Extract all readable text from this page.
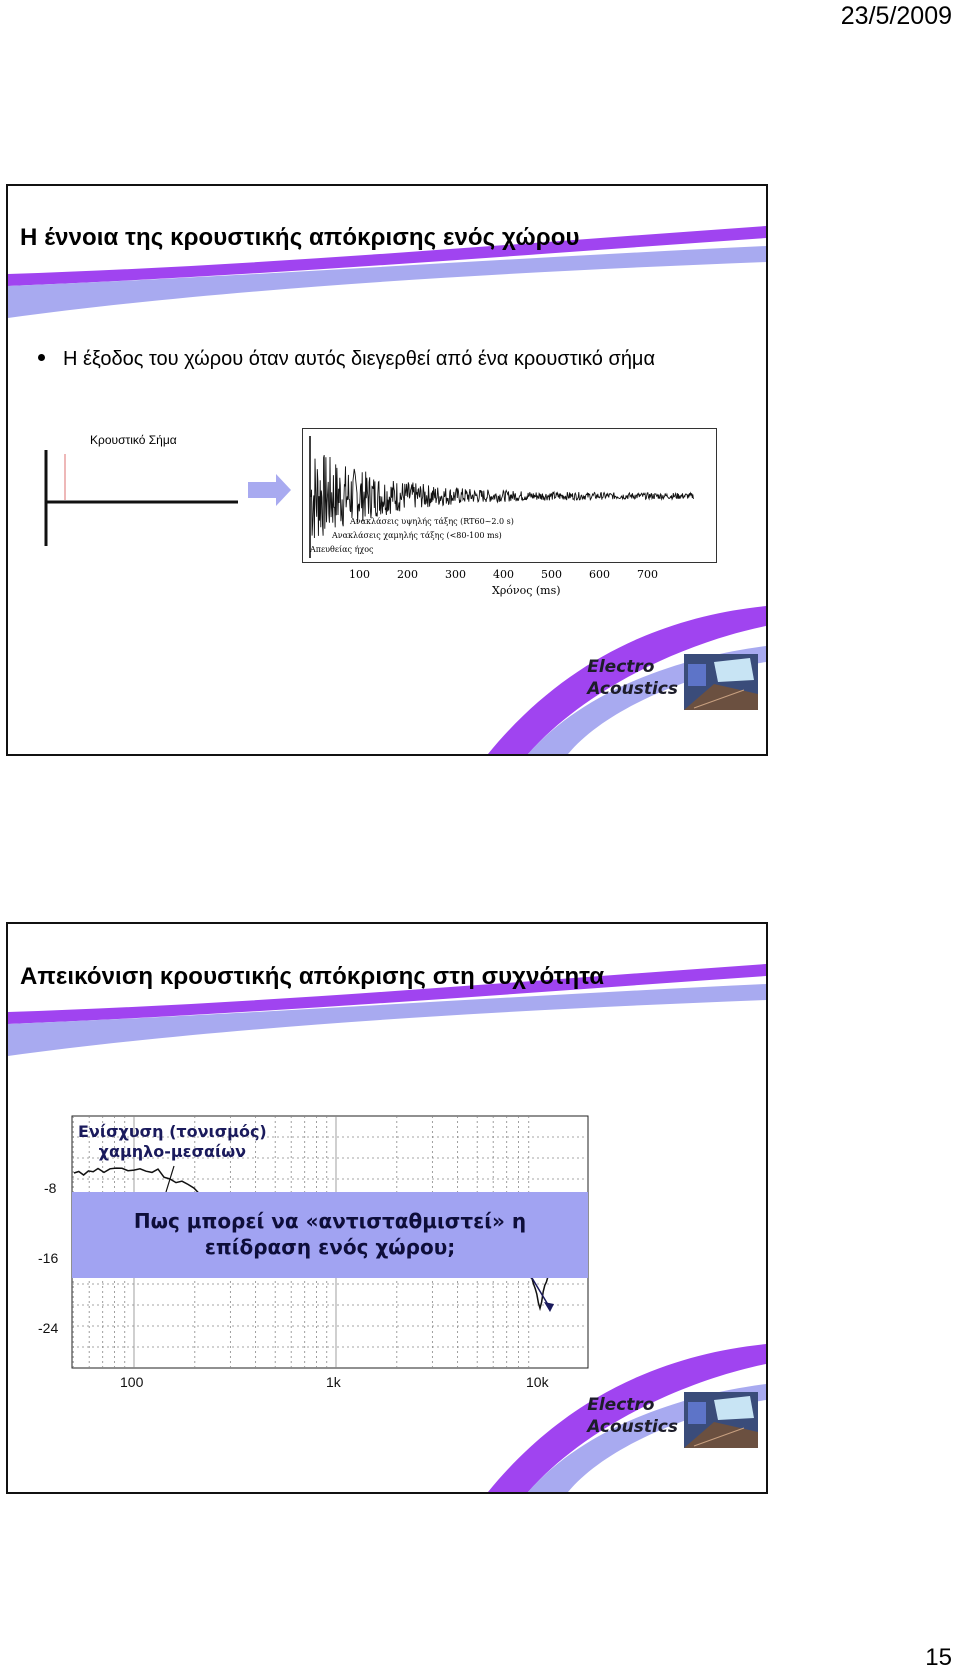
23/5/2009
Η έννοια της κρουστικής απόκρισης ενός χώρου
Η έξοδος του χώρου όταν αυτός διεγερθεί από ένα κρουστικό σήμα
Κρουστικό Σήμα
100 200 300 400 500 600 700
Ανακλάσεις υψηλής τάξης (RT60~2.0 s)
Ανακλάσεις χαμηλής τάξης (<80-100 ms)
Απευθείας ήχος
Χρόνος (ms)
Electro
Acoustics
Απεικόνιση κρουστικής απόκρισης στη συχνότητα
-8
-16
-24
100	1k	10k
Ενίσχυση (τονισμός)
χαμηλο-μεσαίων
Πως μπορεί να «αντισταθμιστεί» η
επίδραση ενός χώρου;
Electro
Acoustics
15
